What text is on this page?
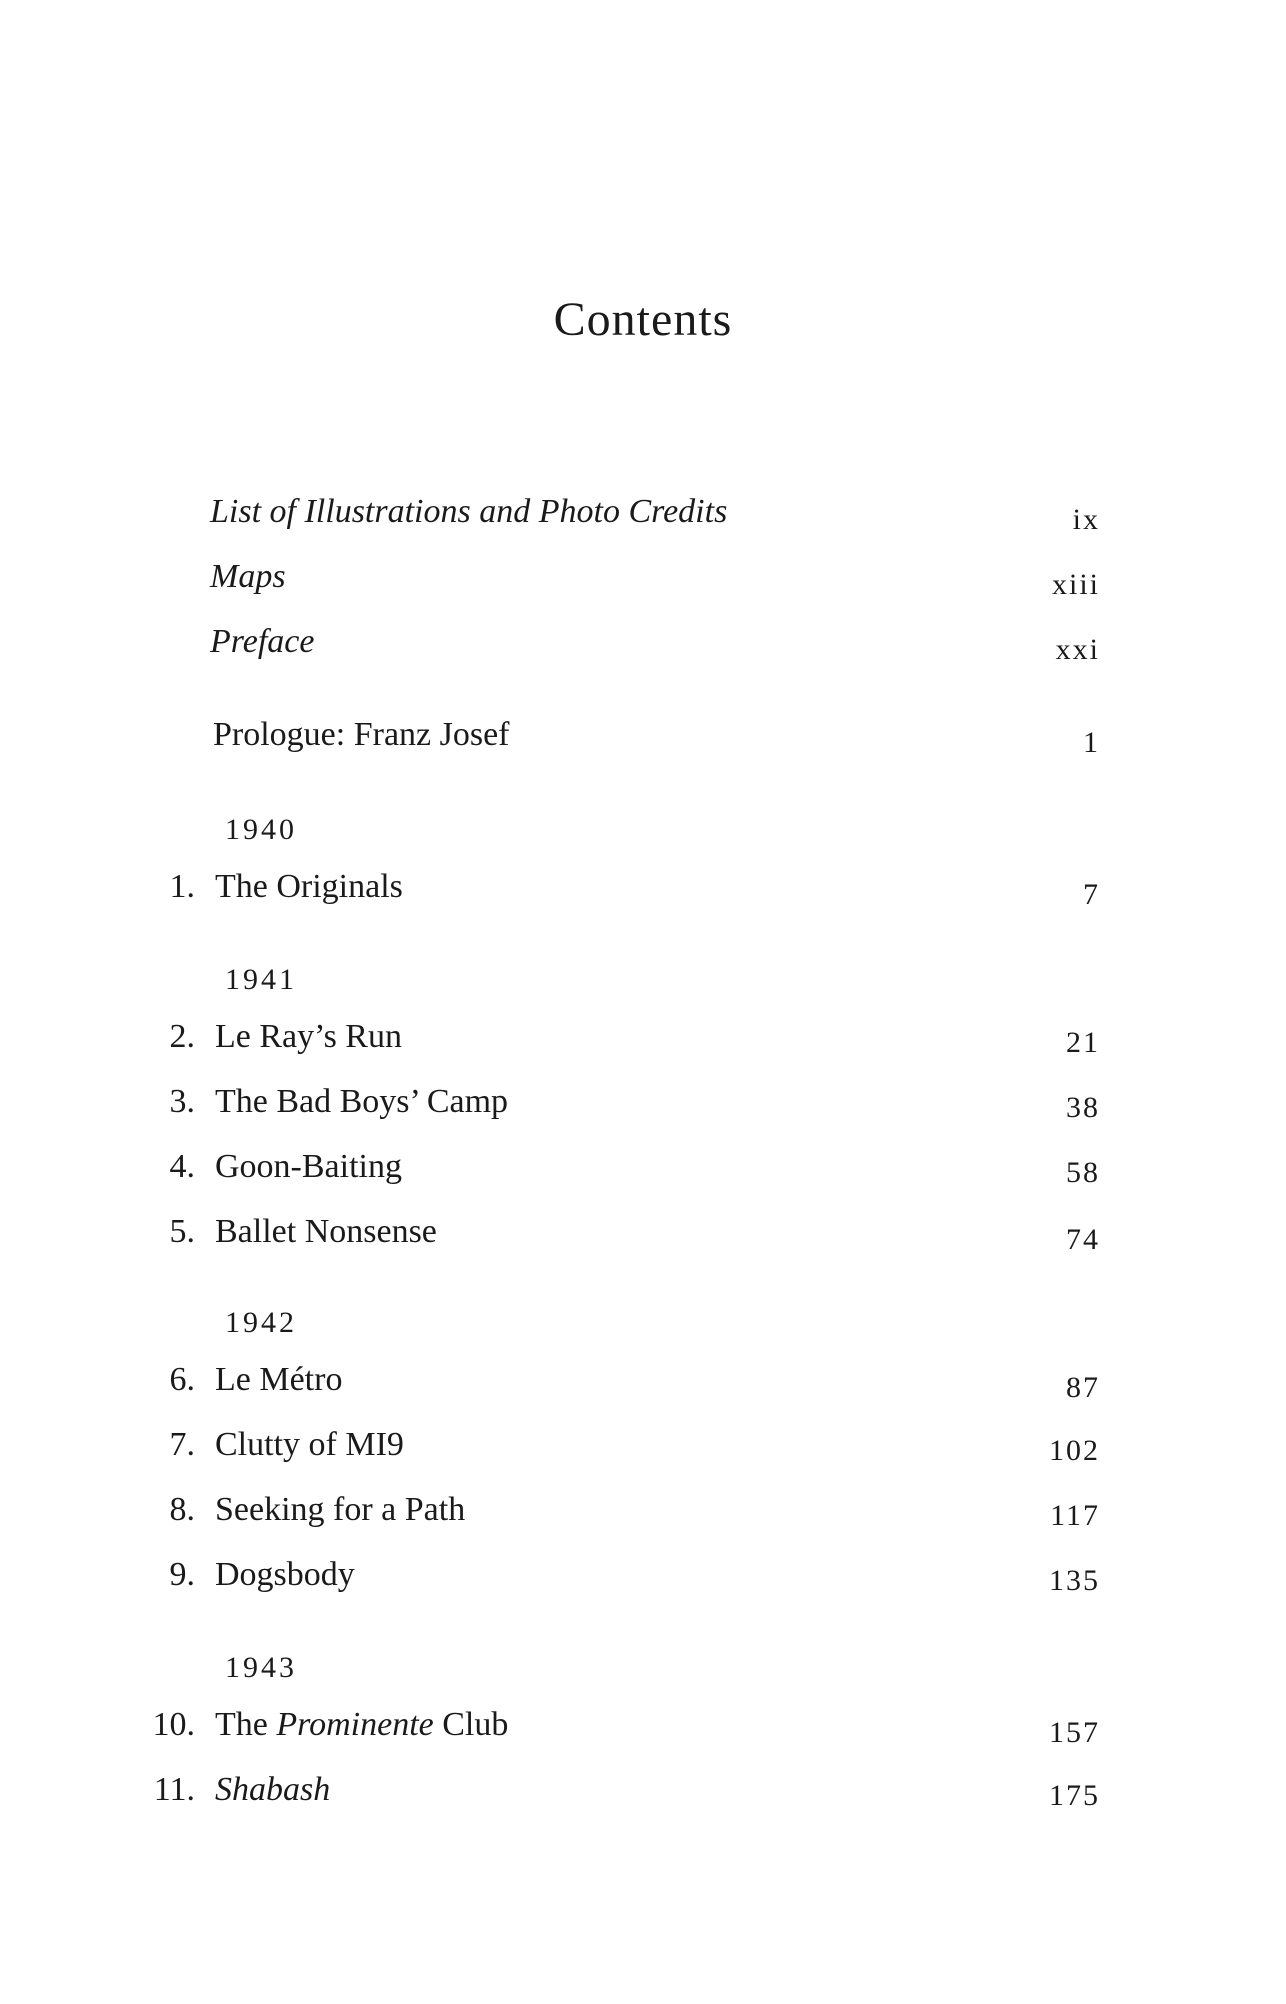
Contents
List of Illustrations and Photo Credits	ix
Maps	xiii
Preface	xxi
Prologue: Franz Josef	1
1940
1. The Originals	7
1941
2. Le Ray’s Run	21
3. The Bad Boys’ Camp	38
4. Goon-Baiting	58
5. Ballet Nonsense	74
1942
6. Le Métro	87
7. Clutty of MI9	102
8. Seeking for a Path	117
9. Dogsbody	135
1943
10. The Prominente Club	157
11. Shabash	175
